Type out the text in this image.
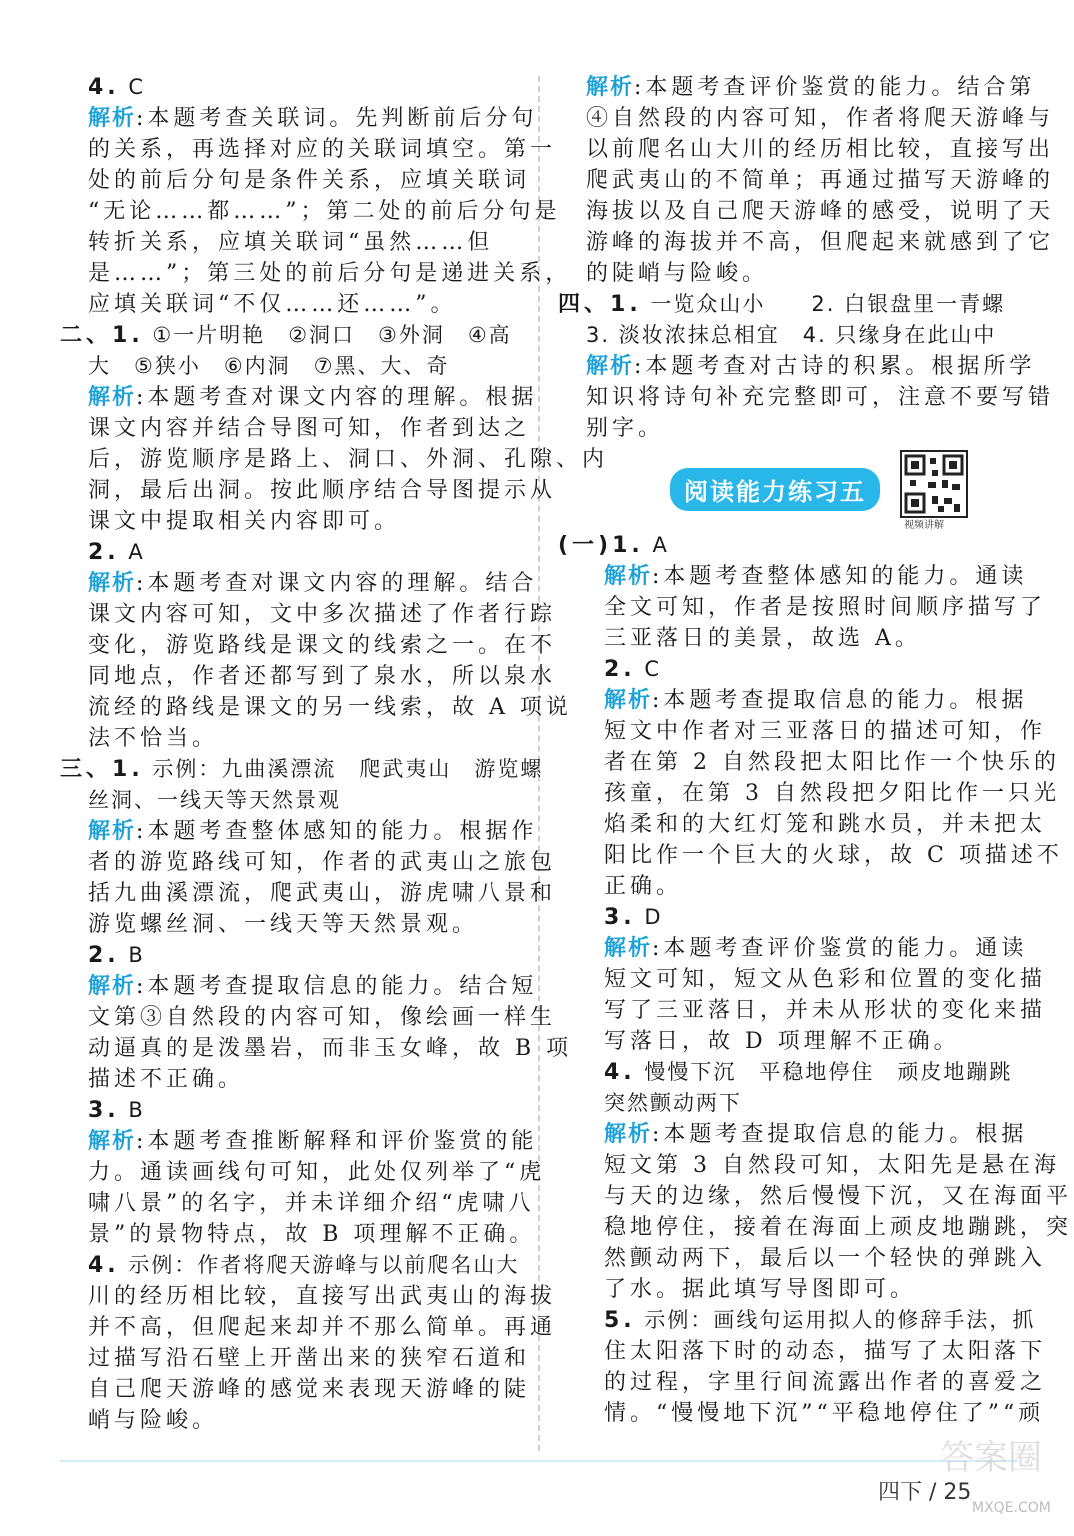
4. C
解析:本题考查关联词。先判断前后分句
的关系，再选择对应的关联词填空。第一
处的前后分句是条件关系，应填关联词
“无论……都……”；第二处的前后分句是
转折关系，应填关联词“虽然……但
是……”；第三处的前后分句是递进关系，
应填关联词“不仅……还……”。
二、1. ①一片明艳　②洞口　③外洞　④高
大　⑤狭小　⑥内洞　⑦黑、大、奇
解析:本题考查对课文内容的理解。根据
课文内容并结合导图可知，作者到达之
后，游览顺序是路上、洞口、外洞、孔隙、内
洞，最后出洞。按此顺序结合导图提示从
课文中提取相关内容即可。
2. A
解析:本题考查对课文内容的理解。结合
课文内容可知，文中多次描述了作者行踪
变化，游览路线是课文的线索之一。在不
同地点，作者还都写到了泉水，所以泉水
流经的路线是课文的另一线索，故 A 项说
法不恰当。
三、1. 示例：九曲溪漂流　爬武夷山　游览螺
丝洞、一线天等天然景观
解析:本题考查整体感知的能力。根据作
者的游览路线可知，作者的武夷山之旅包
括九曲溪漂流，爬武夷山，游虎啸八景和
游览螺丝洞、一线天等天然景观。
2. B
解析:本题考查提取信息的能力。结合短
文第③自然段的内容可知，像绘画一样生
动逼真的是泼墨岩，而非玉女峰，故 B 项
描述不正确。
3. B
解析:本题考查推断解释和评价鉴赏的能
力。通读画线句可知，此处仅列举了“虎
啸八景”的名字，并未详细介绍“虎啸八
景”的景物特点，故 B 项理解不正确。
4. 示例：作者将爬天游峰与以前爬名山大
川的经历相比较，直接写出武夷山的海拔
并不高，但爬起来却并不那么简单。再通
过描写沿石壁上开凿出来的狭窄石道和
自己爬天游峰的感觉来表现天游峰的陡
峭与险峻。
解析:本题考查评价鉴赏的能力。结合第
④自然段的内容可知，作者将爬天游峰与
以前爬名山大川的经历相比较，直接写出
爬武夷山的不简单；再通过描写天游峰的
海拔以及自己爬天游峰的感受，说明了天
游峰的海拔并不高，但爬起来就感到了它
的陡峭与险峻。
四、1. 一览众山小　　2. 白银盘里一青螺
3. 淡妆浓抹总相宜　4. 只缘身在此山中
解析:本题考查对古诗的积累。根据所学
知识将诗句补充完整即可，注意不要写错
别字。
阅读能力练习五
视频讲解
(一)1. A
解析:本题考查整体感知的能力。通读
全文可知，作者是按照时间顺序描写了
三亚落日的美景，故选 A。
2. C
解析:本题考查提取信息的能力。根据
短文中作者对三亚落日的描述可知，作
者在第 2 自然段把太阳比作一个快乐的
孩童，在第 3 自然段把夕阳比作一只光
焰柔和的大红灯笼和跳水员，并未把太
阳比作一个巨大的火球，故 C 项描述不
正确。
3. D
解析:本题考查评价鉴赏的能力。通读
短文可知，短文从色彩和位置的变化描
写了三亚落日，并未从形状的变化来描
写落日，故 D 项理解不正确。
4. 慢慢下沉　平稳地停住　顽皮地蹦跳
突然颤动两下
解析:本题考查提取信息的能力。根据
短文第 3 自然段可知，太阳先是悬在海
与天的边缘，然后慢慢下沉，又在海面平
稳地停住，接着在海面上顽皮地蹦跳，突
然颤动两下，最后以一个轻快的弹跳入
了水。据此填写导图即可。
5. 示例：画线句运用拟人的修辞手法，抓
住太阳落下时的动态，描写了太阳落下
的过程，字里行间流露出作者的喜爱之
情。“慢慢地下沉”“平稳地停住了”“顽
四下 / 25
答案圈
MXQE.COM
